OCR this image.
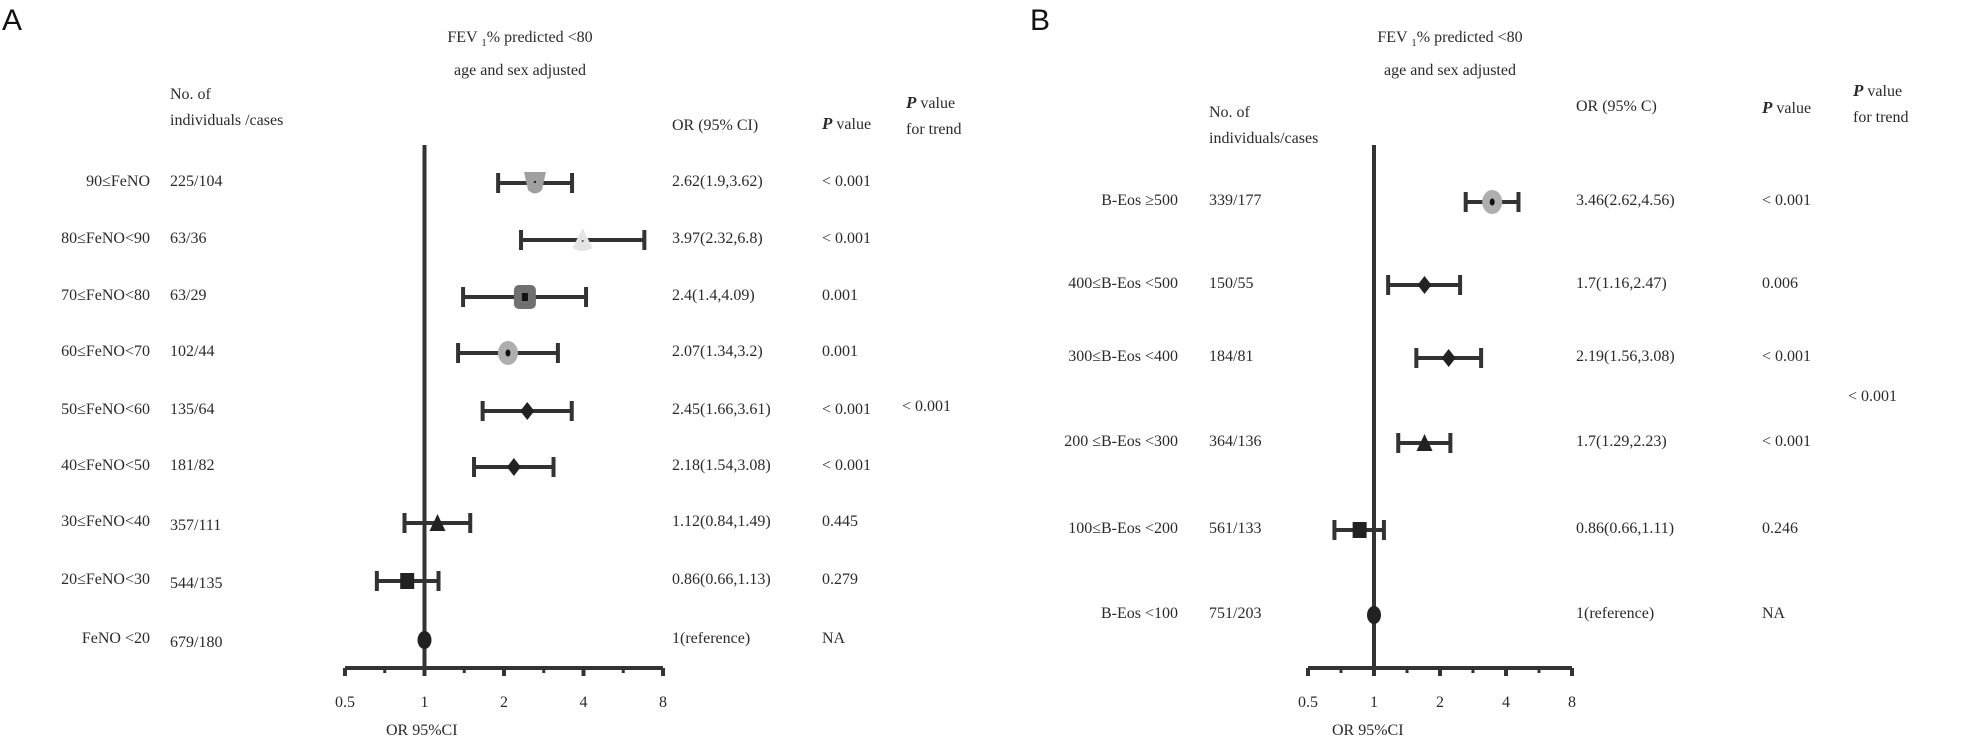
0.5	1	2	4	8	0.5	1	2	4	8
A
FEV $_1$% predicted <80
age and sex adjusted
No. of
individuals /cases	OR (95% CI)	P value
P value
for trend
90≤FeNO 225/104	2.62(1.9,3.62)	< 0.001
80≤FeNO<90 63/36	3.97(2.32,6.8)	< 0.001
70≤FeNO<80 63/29	2.4(1.4,4.09)	0.001
60≤FeNO<70 102/44	2.07(1.34,3.2)	0.001
50≤FeNO<60 135/64	2.45(1.66,3.61)	< 0.001
40≤FeNO<50 181/82	2.18(1.54,3.08)	< 0.001
30≤FeNO<40 357/111	1.12(0.84,1.49)	0.445
20≤FeNO<30 544/135	0.86(0.66,1.13)	0.279
FeNO <20 679/180	1(reference)	NA
< 0.001
OR 95%CI
B
FEV $_1$% predicted <80
age and sex adjusted
No. of
individuals/cases
OR (95% C)	P value
P value
for trend
B-Eos ≥500 339/177	3.46(2.62,4.56)	< 0.001
400≤B-Eos <500 150/55	1.7(1.16,2.47)	0.006
300≤B-Eos <400 184/81	2.19(1.56,3.08)	< 0.001
200 ≤B-Eos <300 364/136	1.7(1.29,2.23)	< 0.001
100≤B-Eos <200 561/133	0.86(0.66,1.11)	0.246
B-Eos <100 751/203	1(reference)	NA
< 0.001
OR 95%CI
